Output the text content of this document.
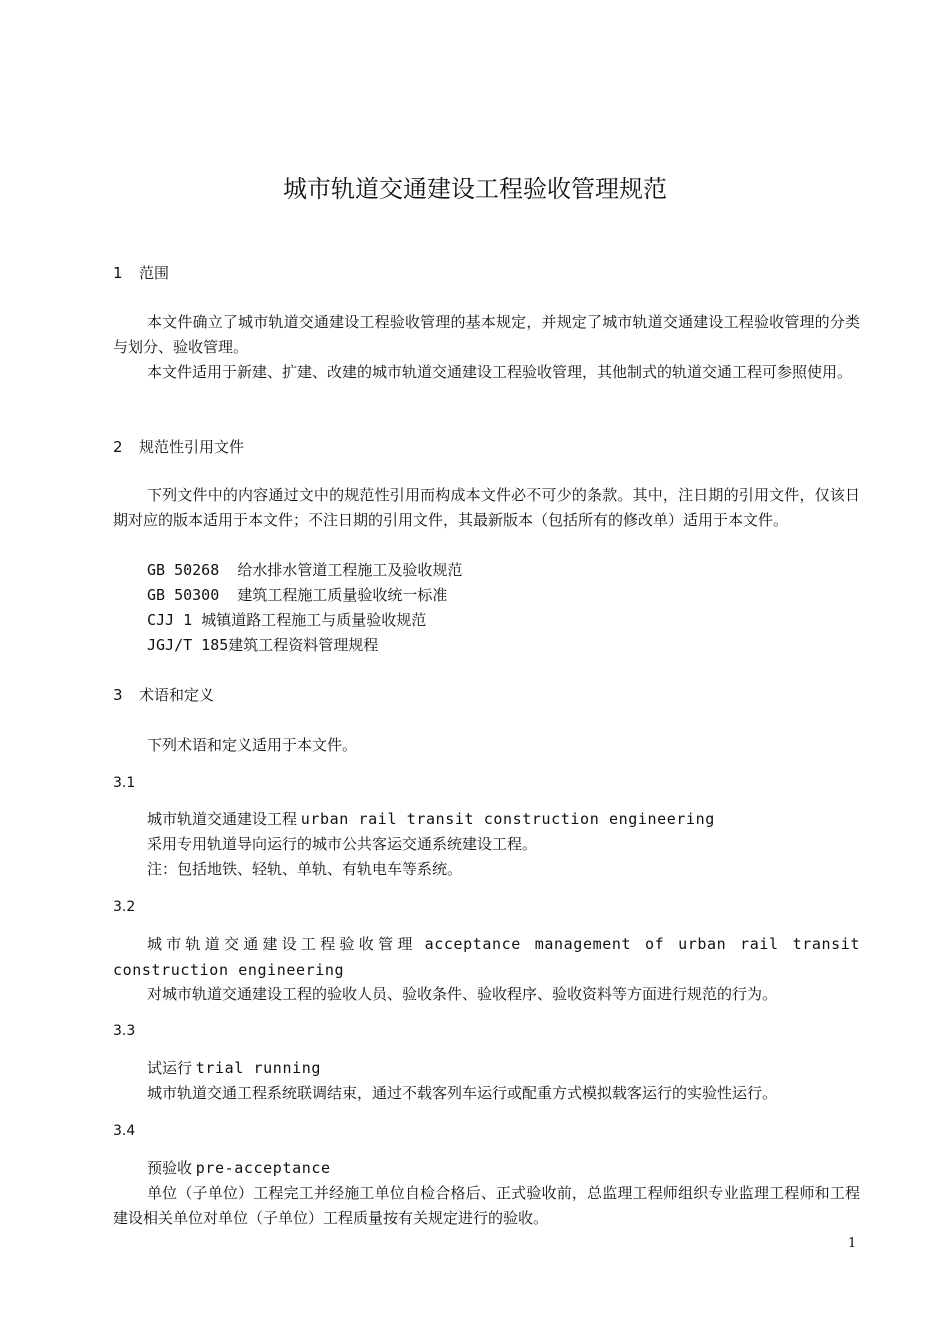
城市轨道交通建设工程验收管理规范
1 范围
本文件确立了城市轨道交通建设工程验收管理的基本规定，并规定了城市轨道交通建设工程验收管理的分类与划分、验收管理。
本文件适用于新建、扩建、改建的城市轨道交通建设工程验收管理，其他制式的轨道交通工程可参照使用。
2 规范性引用文件
下列文件中的内容通过文中的规范性引用而构成本文件必不可少的条款。其中，注日期的引用文件，仅该日期对应的版本适用于本文件；不注日期的引用文件，其最新版本（包括所有的修改单）适用于本文件。
GB 50268  给水排水管道工程施工及验收规范
GB 50300  建筑工程施工质量验收统一标准
CJJ 1 城镇道路工程施工与质量验收规范
JGJ/T 185建筑工程资料管理规程
3 术语和定义
下列术语和定义适用于本文件。
3.1
城市轨道交通建设工程 urban rail transit construction engineering
采用专用轨道导向运行的城市公共客运交通系统建设工程。
注：包括地铁、轻轨、单轨、有轨电车等系统。
3.2
城市轨道交通建设工程验收管理 acceptance management of urban rail transit construction engineering
对城市轨道交通建设工程的验收人员、验收条件、验收程序、验收资料等方面进行规范的行为。
3.3
试运行 trial running
城市轨道交通工程系统联调结束，通过不载客列车运行或配重方式模拟载客运行的实验性运行。
3.4
预验收 pre-acceptance
单位（子单位）工程完工并经施工单位自检合格后、正式验收前，总监理工程师组织专业监理工程师和工程建设相关单位对单位（子单位）工程质量按有关规定进行的验收。
1
